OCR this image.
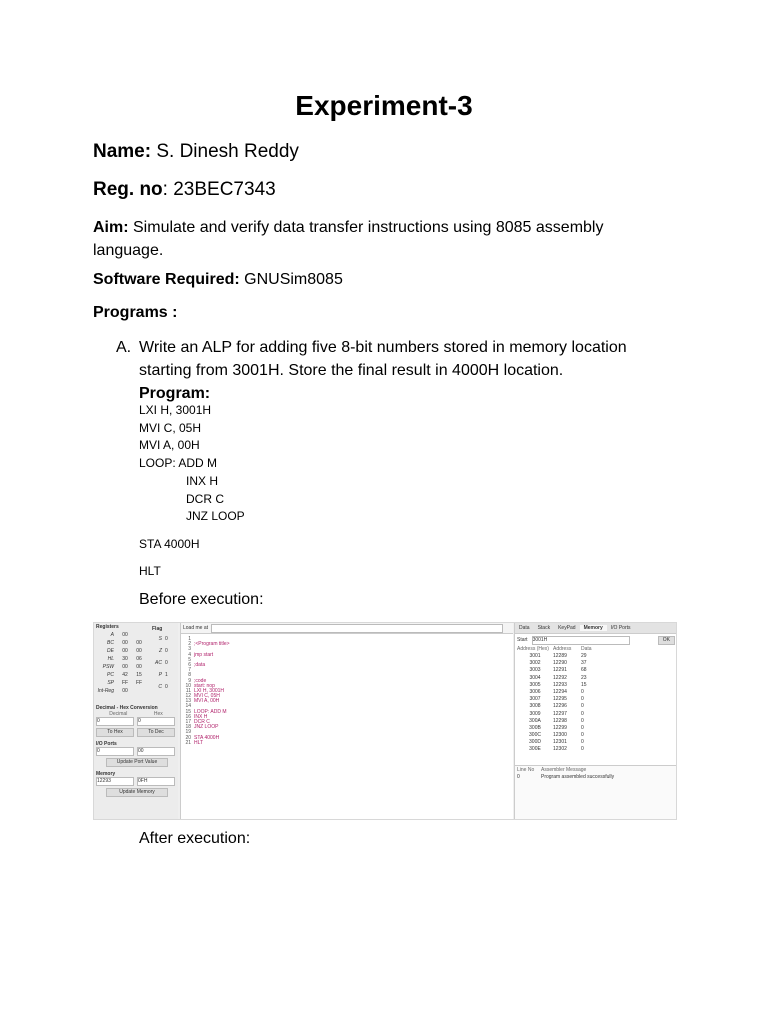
Experiment-3
Name: S. Dinesh Reddy
Reg. no: 23BEC7343
Aim: Simulate and verify data transfer instructions using 8085 assembly language.
Software Required: GNUSim8085
Programs :
A. Write an ALP for adding five 8-bit numbers stored in memory location starting from 3001H. Store the final result in 4000H location.
Program:
LXI H, 3001H
MVI C, 05H
MVI A, 00H
LOOP: ADD M
INX H
DCR C
JNZ LOOP
STA 4000H
HLT
Before execution:
Registers
A	00
BC	00	00
DE	00	00
HL	30	06
PSW	00	00
PC	42	15
SP	FF	FF
Int-Reg	00
Flag
S 0
Z 0
AC 0
P 1
C 0
Decimal - Hex Conversion
Decimal	Hex
0	0
To Hex	To Dec
I/O Ports
0	00
Update Port Value
Memory
12293	0FH
Update Memory
Load me at
1
2 ;<Program title>
3
4 jmp start
5
6 ;data
7
8
9 ;code
10 start: nop
11 LXI H, 3001H
12 MVI C, 05H
13 MVI A, 00H
14
15 LOOP: ADD M
16 INX H
17 DCR C
18 JNZ LOOP
19
20 STA 4000H
21 HLT
Data	Stack	KeyPad	Memory	I/O Ports
Start 3001H	OK
Address (Hex) Address	Data
3001	12289	29
3002	12290	37
3003	12291	68
3004	12292	23
3005	12293	15
3006	12294	0
3007	12295	0
3008	12296	0
3009	12297	0
300A	12298	0
300B	12299	0
300C	12300	0
300D	12301	0
300E	12302	0
Line No	Assembler Message
0	Program assembled successfully
After execution:
